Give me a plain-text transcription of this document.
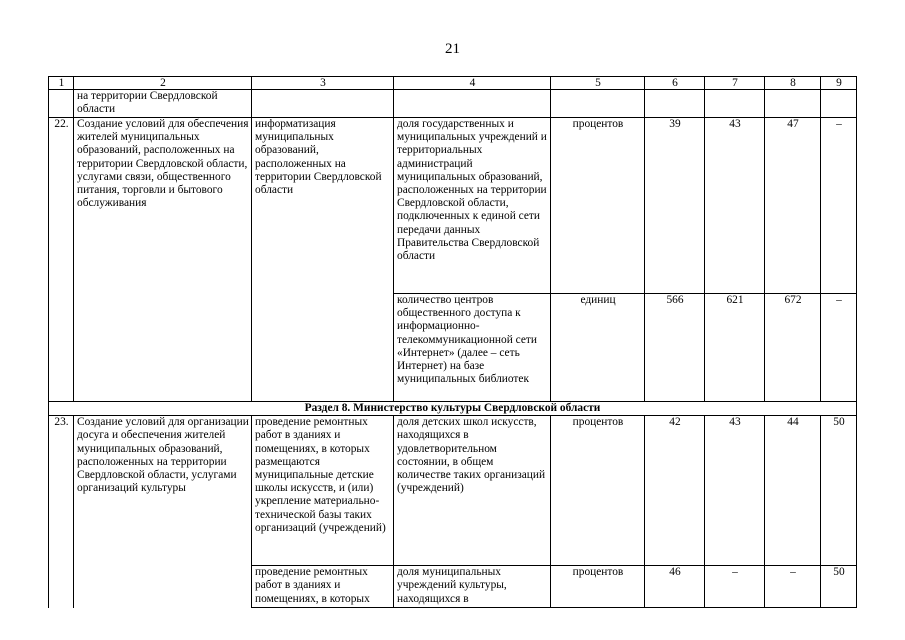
21
1	2	3	4	5	6	7	8	9
	на территории Свердловской области							
22.	Создание условий для обеспечения жителей муниципальных образований, расположенных на территории Свердловской области, услугами связи, общественного питания, торговли и бытового обслуживания	информатизация муниципальных образований, расположенных на территории Свердловской области	доля государственных и муниципальных учреждений и территориальных администраций муниципальных образований, расположенных на территории Свердловской области, подключенных к единой сети передачи данных Правительства Свердловской области	процентов	39	43	47	–
			количество центров общественного доступа к информационно-телекоммуникационной сети «Интернет» (далее – сеть Интернет) на базе муниципальных библиотек	единиц	566	621	672	–
Раздел 8. Министерство культуры Свердловской области								
23.	Создание условий для организации досуга и обеспечения жителей муниципальных образований, расположенных на территории Свердловской области, услугами организаций культуры	проведение ремонтных работ в зданиях и помещениях, в которых размещаются муниципальные детские школы искусств, и (или) укрепление материально-технической базы таких организаций (учреждений)	доля детских школ искусств, находящихся в удовлетворительном состоянии, в общем количестве таких организаций (учреждений)	процентов	42	43	44	50
		проведение ремонтных работ в зданиях и помещениях, в которых	доля муниципальных учреждений культуры, находящихся в	процентов	46	–	–	50
